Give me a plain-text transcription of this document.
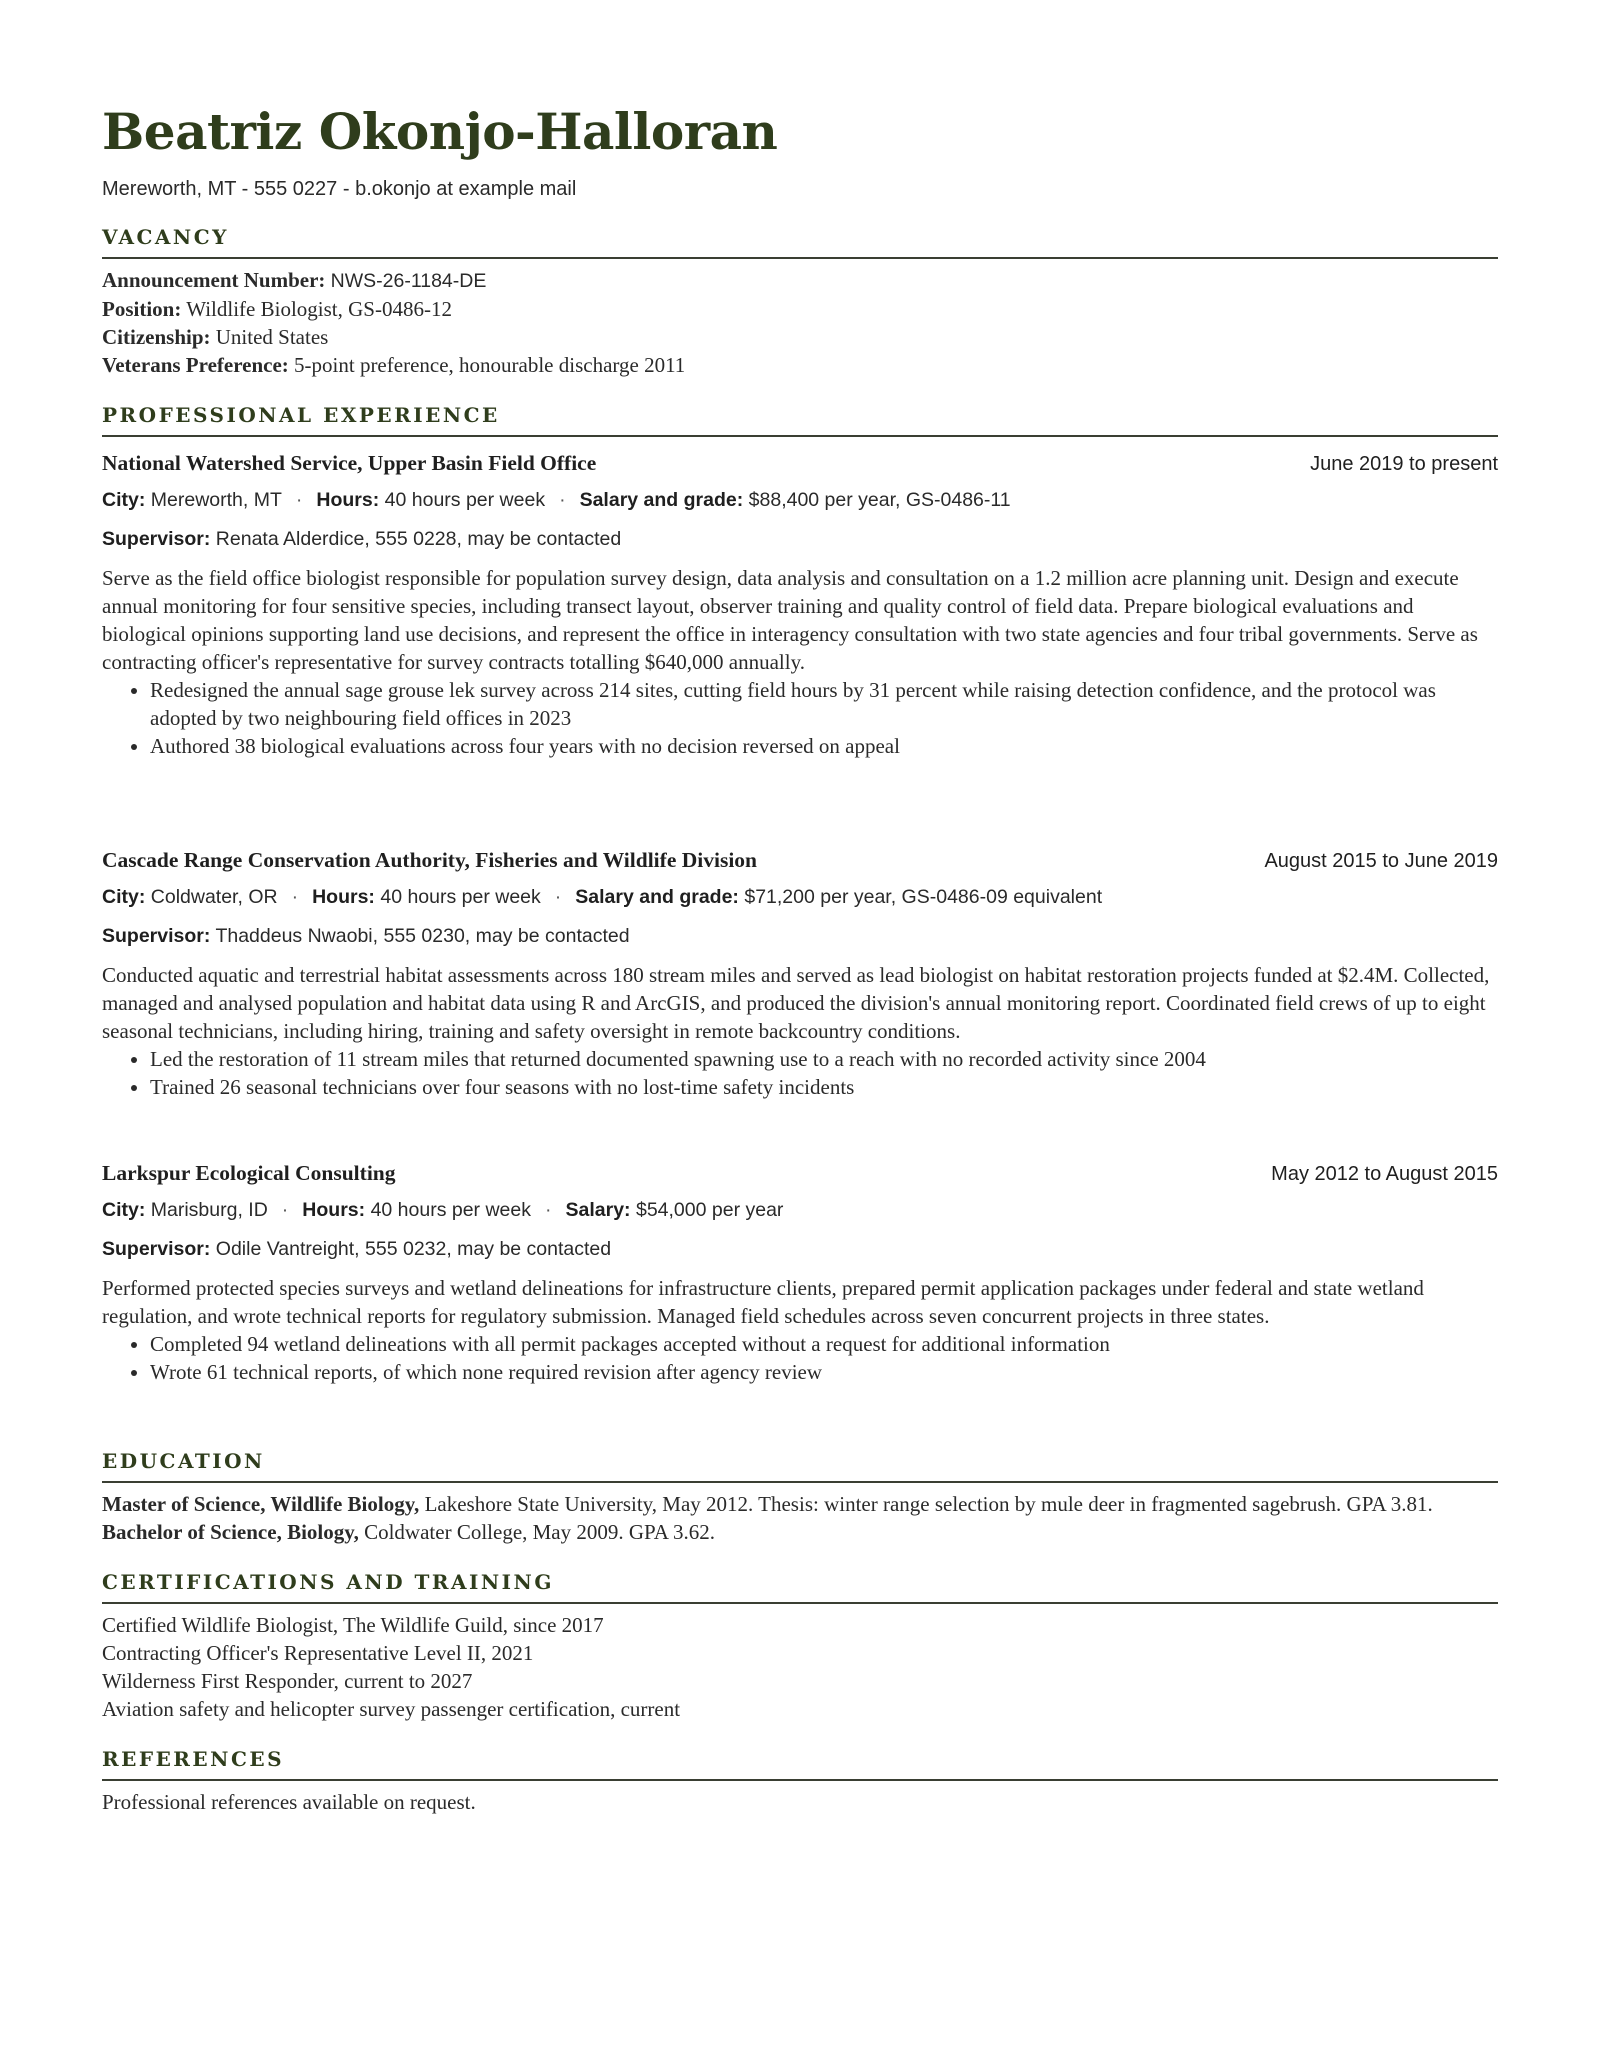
Beatriz Okonjo-Halloran
Mereworth, MT - 555 0227 - b.okonjo at example mail
VACANCY
Announcement Number: NWS-26-1184-DE
Position: Wildlife Biologist, GS-0486-12
Citizenship: United States
Veterans Preference: 5-point preference, honourable discharge 2011
PROFESSIONAL EXPERIENCE
National Watershed Service, Upper Basin Field Office	June 2019 to present
City: Mereworth, MT · Hours: 40 hours per week · Salary and grade: $88,400 per year, GS-0486-11
Supervisor: Renata Alderdice, 555 0228, may be contacted

Serve as the field office biologist responsible for population survey design, data analysis and consultation on a 1.2 million acre planning unit. Design and execute annual monitoring for four sensitive species, including transect layout, observer training and quality control of field data. Prepare biological evaluations and biological opinions supporting land use decisions, and represent the office in interagency consultation with two state agencies and four tribal governments. Serve as contracting officer's representative for survey contracts totalling $640,000 annually.

• Redesigned the annual sage grouse lek survey across 214 sites, cutting field hours by 31 percent while raising detection confidence, and the protocol was adopted by two neighbouring field offices in 2023
• Authored 38 biological evaluations across four years with no decision reversed on appeal
Cascade Range Conservation Authority, Fisheries and Wildlife Division	August 2015 to June 2019
City: Coldwater, OR · Hours: 40 hours per week · Salary and grade: $71,200 per year, GS-0486-09 equivalent
Supervisor: Thaddeus Nwaobi, 555 0230, may be contacted

Conducted aquatic and terrestrial habitat assessments across 180 stream miles and served as lead biologist on habitat restoration projects funded at $2.4M. Collected, managed and analysed population and habitat data using R and ArcGIS, and produced the division's annual monitoring report. Coordinated field crews of up to eight seasonal technicians, including hiring, training and safety oversight in remote backcountry conditions.

• Led the restoration of 11 stream miles that returned documented spawning use to a reach with no recorded activity since 2004
• Trained 26 seasonal technicians over four seasons with no lost-time safety incidents
Larkspur Ecological Consulting	May 2012 to August 2015
City: Marisburg, ID · Hours: 40 hours per week · Salary: $54,000 per year
Supervisor: Odile Vantreight, 555 0232, may be contacted

Performed protected species surveys and wetland delineations for infrastructure clients, prepared permit application packages under federal and state wetland regulation, and wrote technical reports for regulatory submission. Managed field schedules across seven concurrent projects in three states.

• Completed 94 wetland delineations with all permit packages accepted without a request for additional information
• Wrote 61 technical reports, of which none required revision after agency review
EDUCATION
Master of Science, Wildlife Biology, Lakeshore State University, May 2012. Thesis: winter range selection by mule deer in fragmented sagebrush. GPA 3.81.
Bachelor of Science, Biology, Coldwater College, May 2009. GPA 3.62.
CERTIFICATIONS AND TRAINING
Certified Wildlife Biologist, The Wildlife Guild, since 2017
Contracting Officer's Representative Level II, 2021
Wilderness First Responder, current to 2027
Aviation safety and helicopter survey passenger certification, current
REFERENCES
Professional references available on request.
